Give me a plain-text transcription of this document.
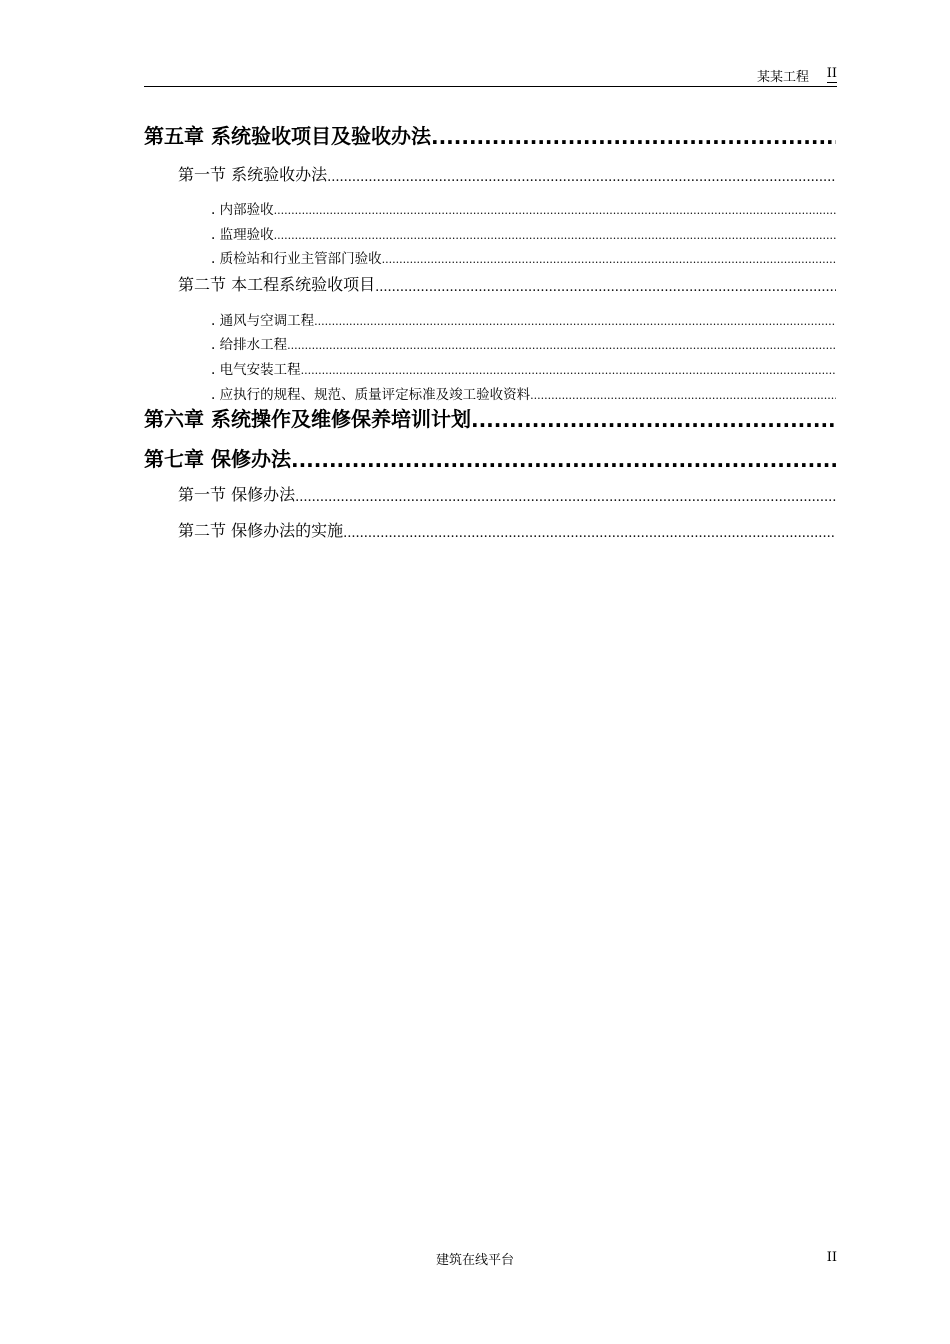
某某工程 II
第五章 系统验收项目及验收办法
.....
第一节 系统验收办法
.....
. 内部验收
.....
. 监理验收
.....
. 质检站和行业主管部门验收
.....
第二节 本工程系统验收项目
.....
. 通风与空调工程
.....
. 给排水工程
.....
. 电气安装工程
.....
. 应执行的规程、规范、质量评定标准及竣工验收资料
.....
第六章 系统操作及维修保养培训计划
.....
第七章 保修办法
.....
第一节 保修办法
.....
第二节 保修办法的实施
.....
建筑在线平台	II
